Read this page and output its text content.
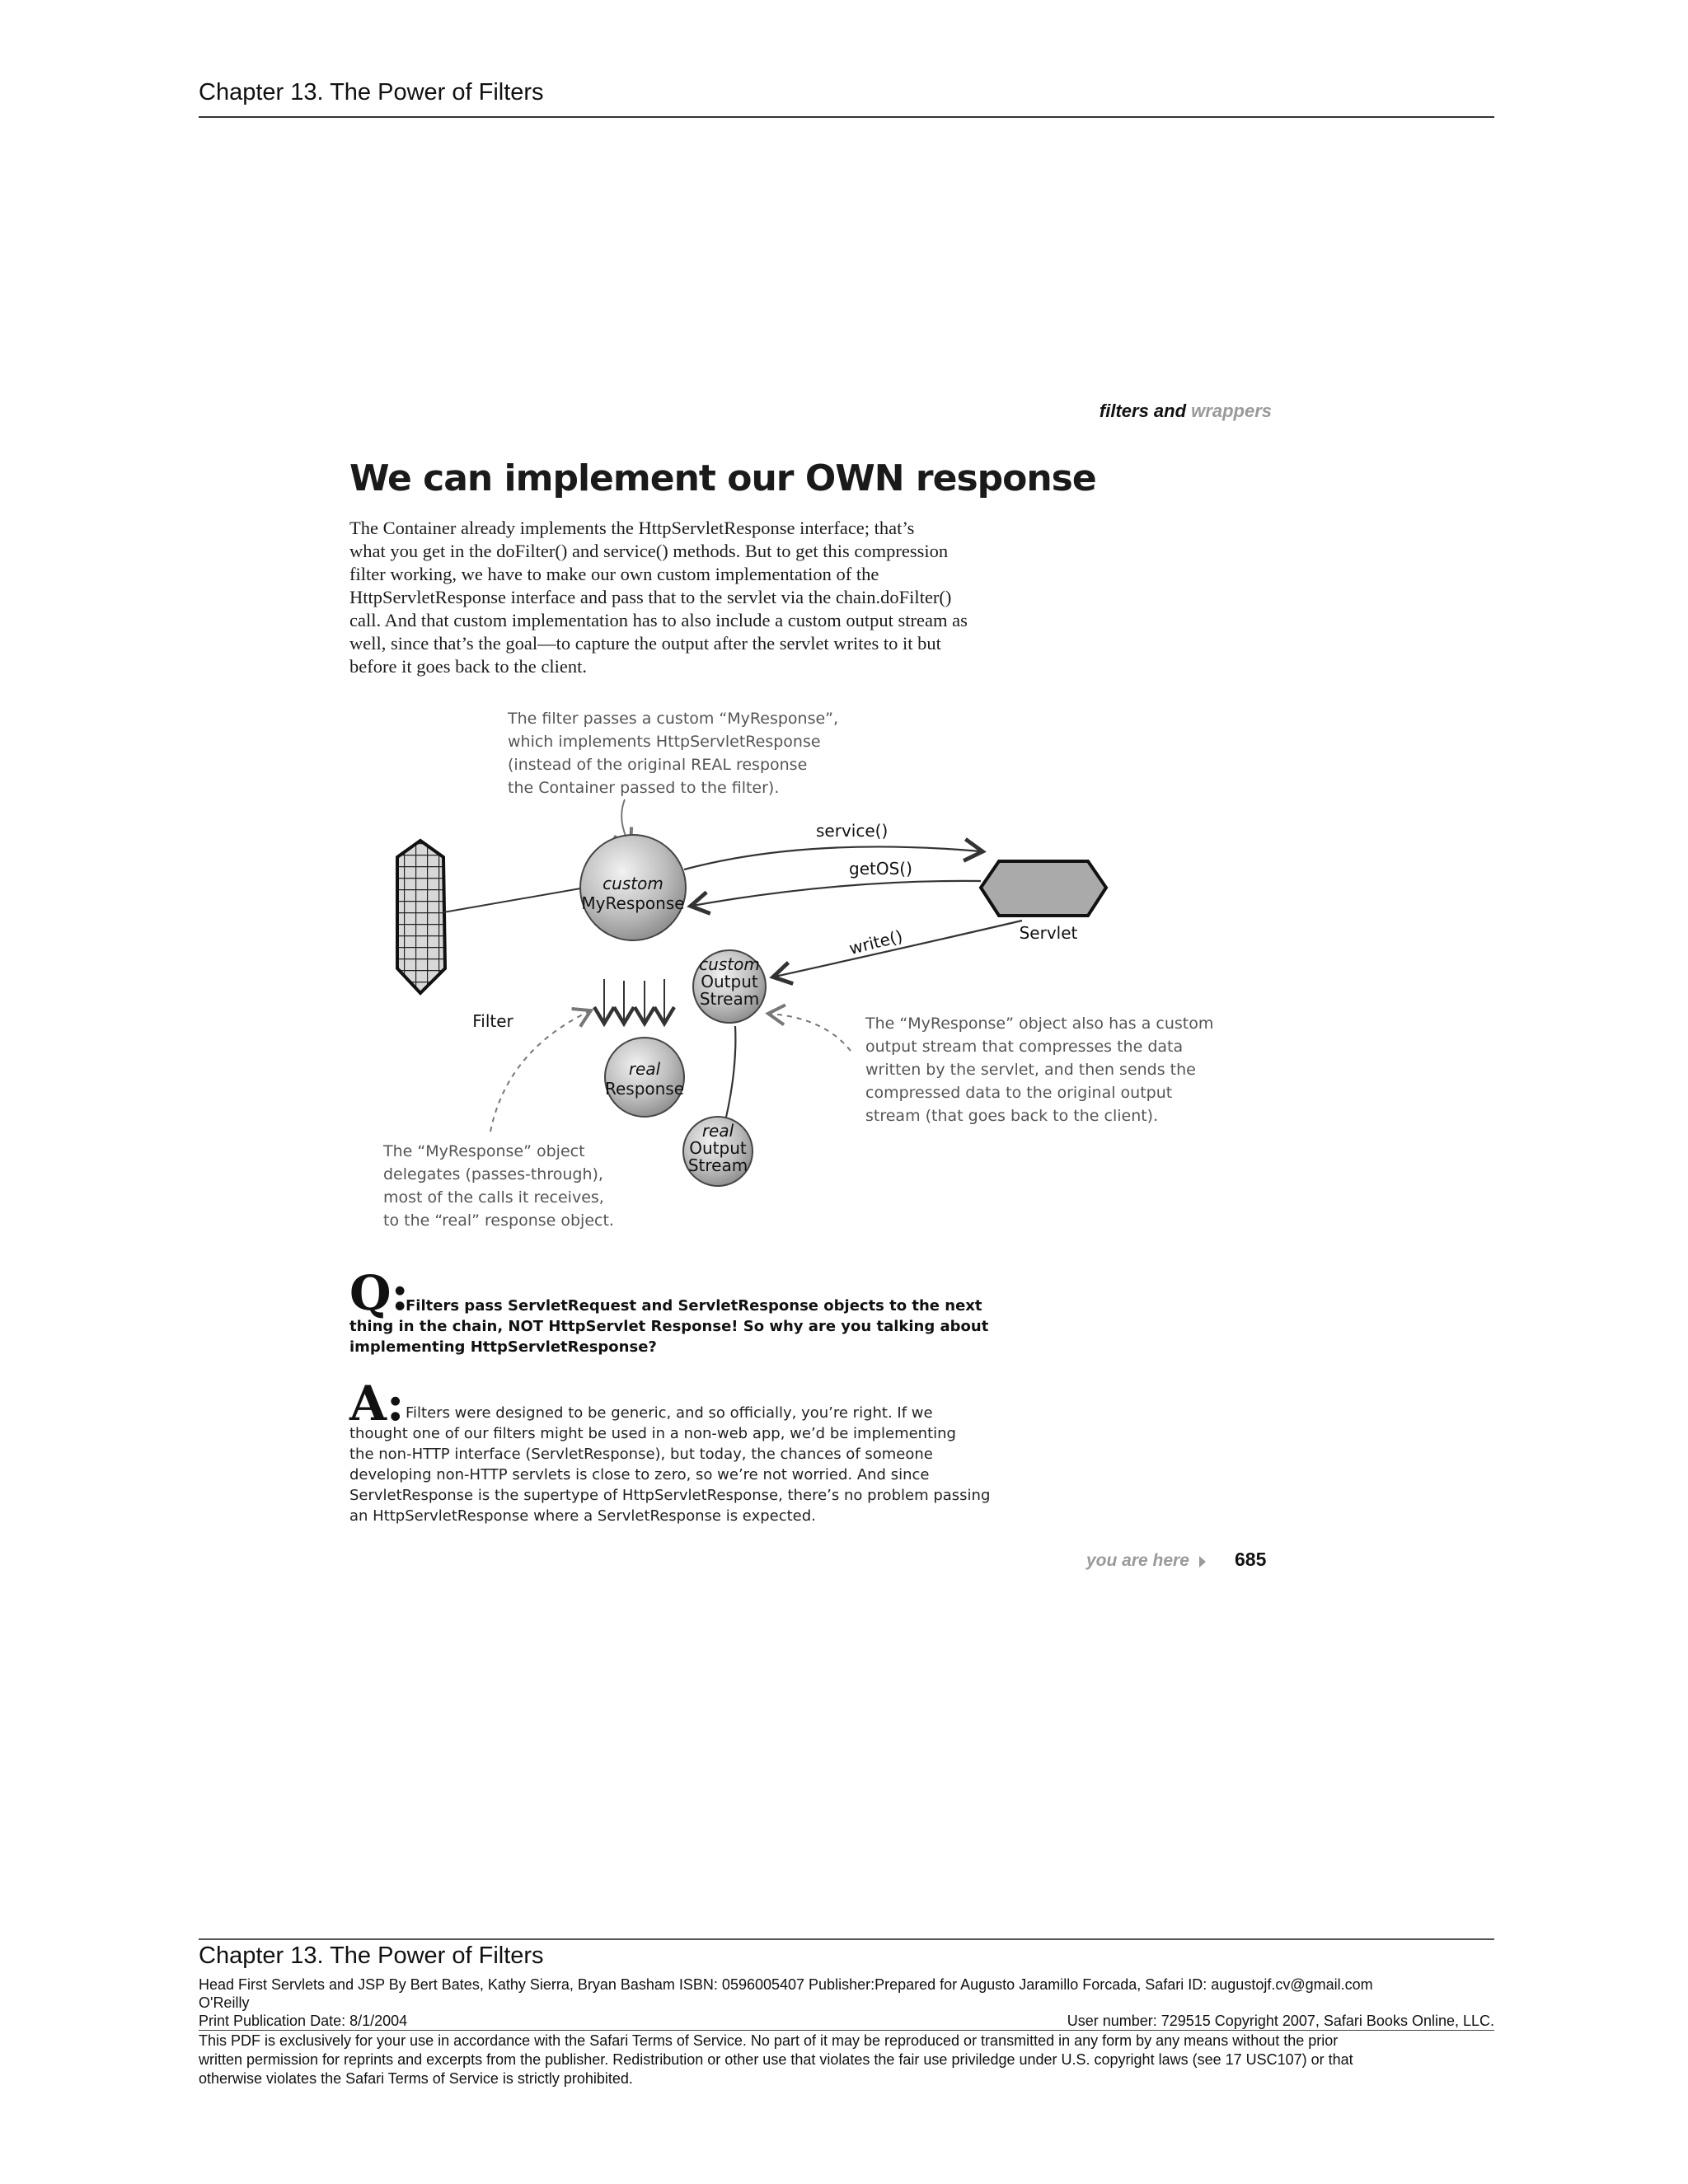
Chapter 13. The Power of Filters
filters and wrappers
We can implement our OWN response
The Container already implements the HttpServletResponse interface; that’s
what you get in the doFilter() and service() methods. But to get this compression
filter working, we have to make our own custom implementation of the
HttpServletResponse interface and pass that to the servlet via the chain.doFilter()
call. And that custom implementation has to also include a custom output stream as
well, since that’s the goal—to capture the output after the servlet writes to it but
before it goes back to the client.
The filter passes a custom “MyResponse”,
which implements HttpServletResponse
(instead of the original REAL response
the Container passed to the filter).
Filter
custom
MyResponse
Servlet
service()
getOS()
write()
custom
Output
Stream
real
Response
real
Output
Stream
The “MyResponse” object also has a custom
output stream that compresses the data
written by the servlet, and then sends the
compressed data to the original output
stream (that goes back to the client).
The “MyResponse” object
delegates (passes-through),
most of the calls it receives,
to the “real” response object.
Q:
Filters pass ServletRequest and ServletResponse objects to the next
thing in the chain, NOT HttpServlet Response! So why are you talking about
implementing HttpServletResponse?
A: Filters were designed to be generic, and so officially, you’re right. If we
thought one of our filters might be used in a non-web app, we’d be implementing
the non-HTTP interface (ServletResponse), but today, the chances of someone
developing non-HTTP servlets is close to zero, so we’re not worried. And since
ServletResponse is the supertype of HttpServletResponse, there’s no problem passing
an HttpServletResponse where a ServletResponse is expected.
you are here 685
Chapter 13. The Power of Filters
Head First Servlets and JSP By Bert Bates, Kathy Sierra, Bryan Basham ISBN: 0596005407 Publisher:Prepared for Augusto Jaramillo Forcada, Safari ID: augustojf.cv@gmail.com
O'Reilly
Print Publication Date: 8/1/2004	User number: 729515 Copyright 2007, Safari Books Online, LLC.
This PDF is exclusively for your use in accordance with the Safari Terms of Service. No part of it may be reproduced or transmitted in any form by any means without the prior
written permission for reprints and excerpts from the publisher. Redistribution or other use that violates the fair use priviledge under U.S. copyright laws (see 17 USC107) or that
otherwise violates the Safari Terms of Service is strictly prohibited.
